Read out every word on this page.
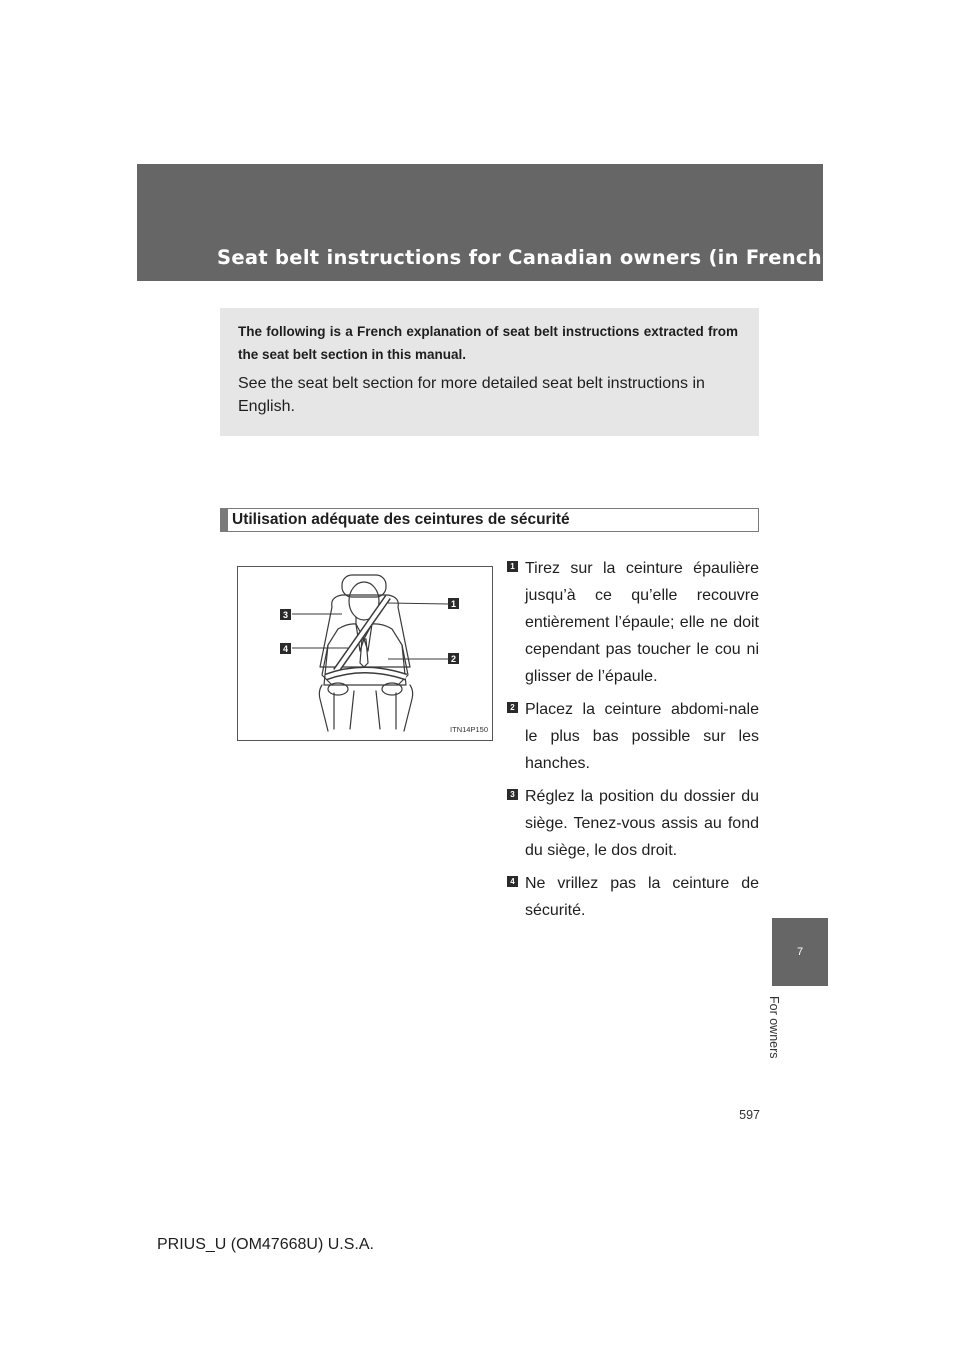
Seat belt instructions for Canadian owners (in French)
7
For owners

The following is a French explanation of seat belt instructions extracted from the seat belt section in this manual.

See the seat belt section for more detailed seat belt instructions in English.

Utilisation adéquate des ceintures de sécurité
1
2
3
4
ITN14P150
1 Tirez sur la ceinture épaulière jusqu’à ce qu’elle recouvre entièrement l’épaule; elle ne doit cependant pas toucher le cou ni glisser de l’épaule.
2 Placez la ceinture abdomi-nale le plus bas possible sur les hanches.
3 Réglez la position du dossier du siège. Tenez-vous assis au fond du siège, le dos droit.
4 Ne vrillez pas la ceinture de sécurité.
597
PRIUS_U (OM47668U) U.S.A.
